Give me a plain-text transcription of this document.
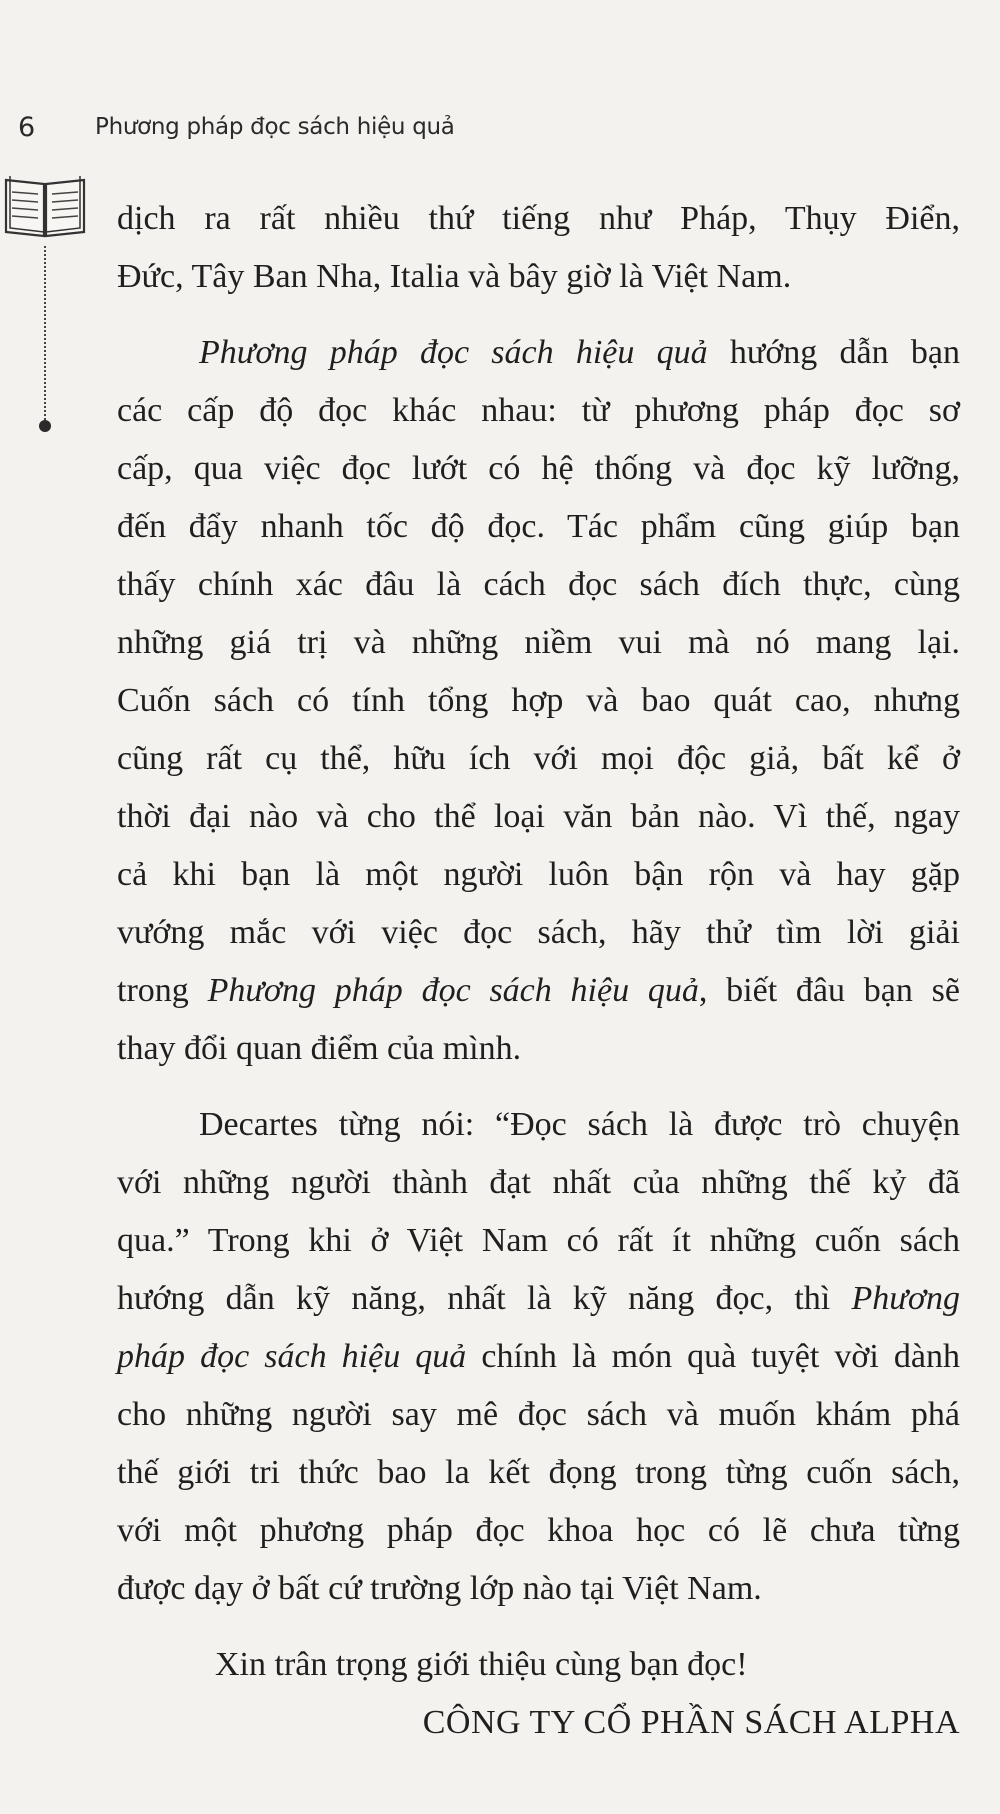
6	Phương pháp đọc sách hiệu quả
dịch ra rất nhiều thứ tiếng như Pháp, Thụy Điển,
Đức, Tây Ban Nha, Italia và bây giờ là Việt Nam.
Phương pháp đọc sách hiệu quả hướng dẫn bạn
các cấp độ đọc khác nhau: từ phương pháp đọc sơ
cấp, qua việc đọc lướt có hệ thống và đọc kỹ lưỡng,
đến đẩy nhanh tốc độ đọc. Tác phẩm cũng giúp bạn
thấy chính xác đâu là cách đọc sách đích thực, cùng
những giá trị và những niềm vui mà nó mang lại.
Cuốn sách có tính tổng hợp và bao quát cao, nhưng
cũng rất cụ thể, hữu ích với mọi độc giả, bất kể ở
thời đại nào và cho thể loại văn bản nào. Vì thế, ngay
cả khi bạn là một người luôn bận rộn và hay gặp
vướng mắc với việc đọc sách, hãy thử tìm lời giải
trong Phương pháp đọc sách hiệu quả, biết đâu bạn sẽ
thay đổi quan điểm của mình.
Decartes từng nói: “Đọc sách là được trò chuyện
với những người thành đạt nhất của những thế kỷ đã
qua.” Trong khi ở Việt Nam có rất ít những cuốn sách
hướng dẫn kỹ năng, nhất là kỹ năng đọc, thì Phương
pháp đọc sách hiệu quả chính là món quà tuyệt vời dành
cho những người say mê đọc sách và muốn khám phá
thế giới tri thức bao la kết đọng trong từng cuốn sách,
với một phương pháp đọc khoa học có lẽ chưa từng
được dạy ở bất cứ trường lớp nào tại Việt Nam.
Xin trân trọng giới thiệu cùng bạn đọc!
CÔNG TY CỔ PHẦN SÁCH ALPHA
